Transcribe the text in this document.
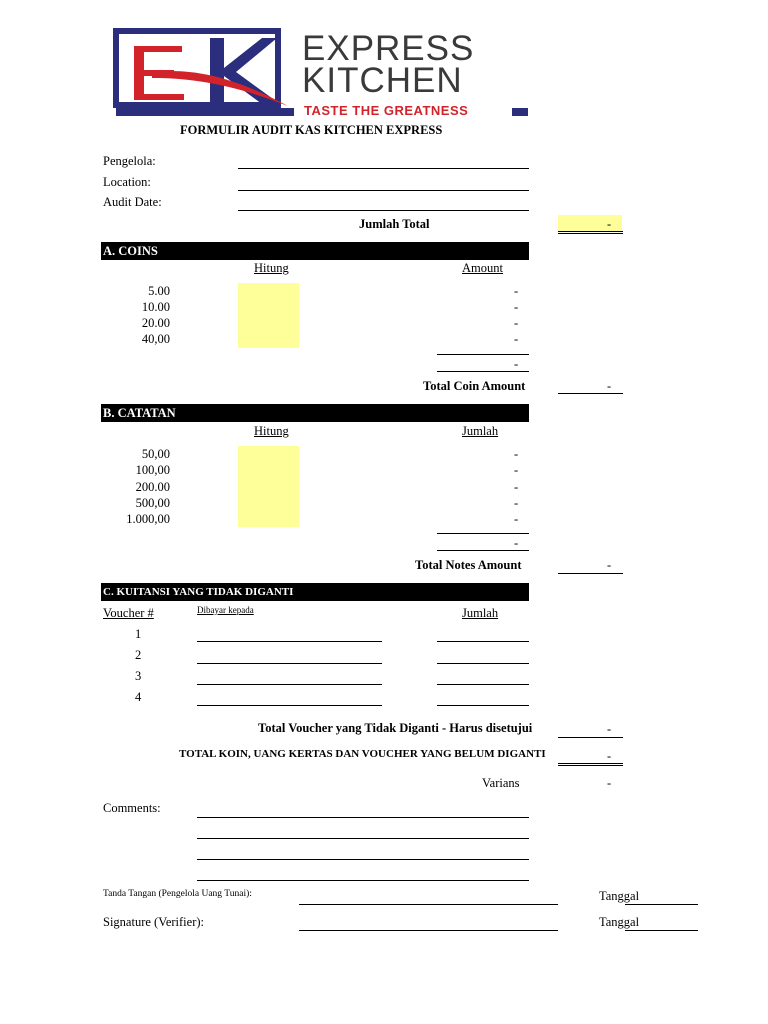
EXPRESS
KITCHEN
TASTE THE GREATNESS
FORMULIR AUDIT KAS KITCHEN EXPRESS
Pengelola:
Location:
Audit Date:
Jumlah Total	-
A. COINS
Hitung	Amount
5.00	-
10.00	-
20.00	-
40,00	-
-
Total Coin Amount	-
B. CATATAN
Hitung	Jumlah
50,00	-
100,00	-
200.00	-
500,00	-
1.000,00	-
-
Total Notes Amount	-
C. KUITANSI YANG TIDAK DIGANTI
Voucher #	Dibayar kepada	Jumlah
1
2
3
4
Total Voucher yang Tidak Diganti - Harus disetujui	-
TOTAL KOIN, UANG KERTAS DAN VOUCHER YANG BELUM DIGANTI	-
Varians	-
Comments:
Tanda Tangan (Pengelola Uang Tunai):	Tanggal
Signature (Verifier):	Tanggal
